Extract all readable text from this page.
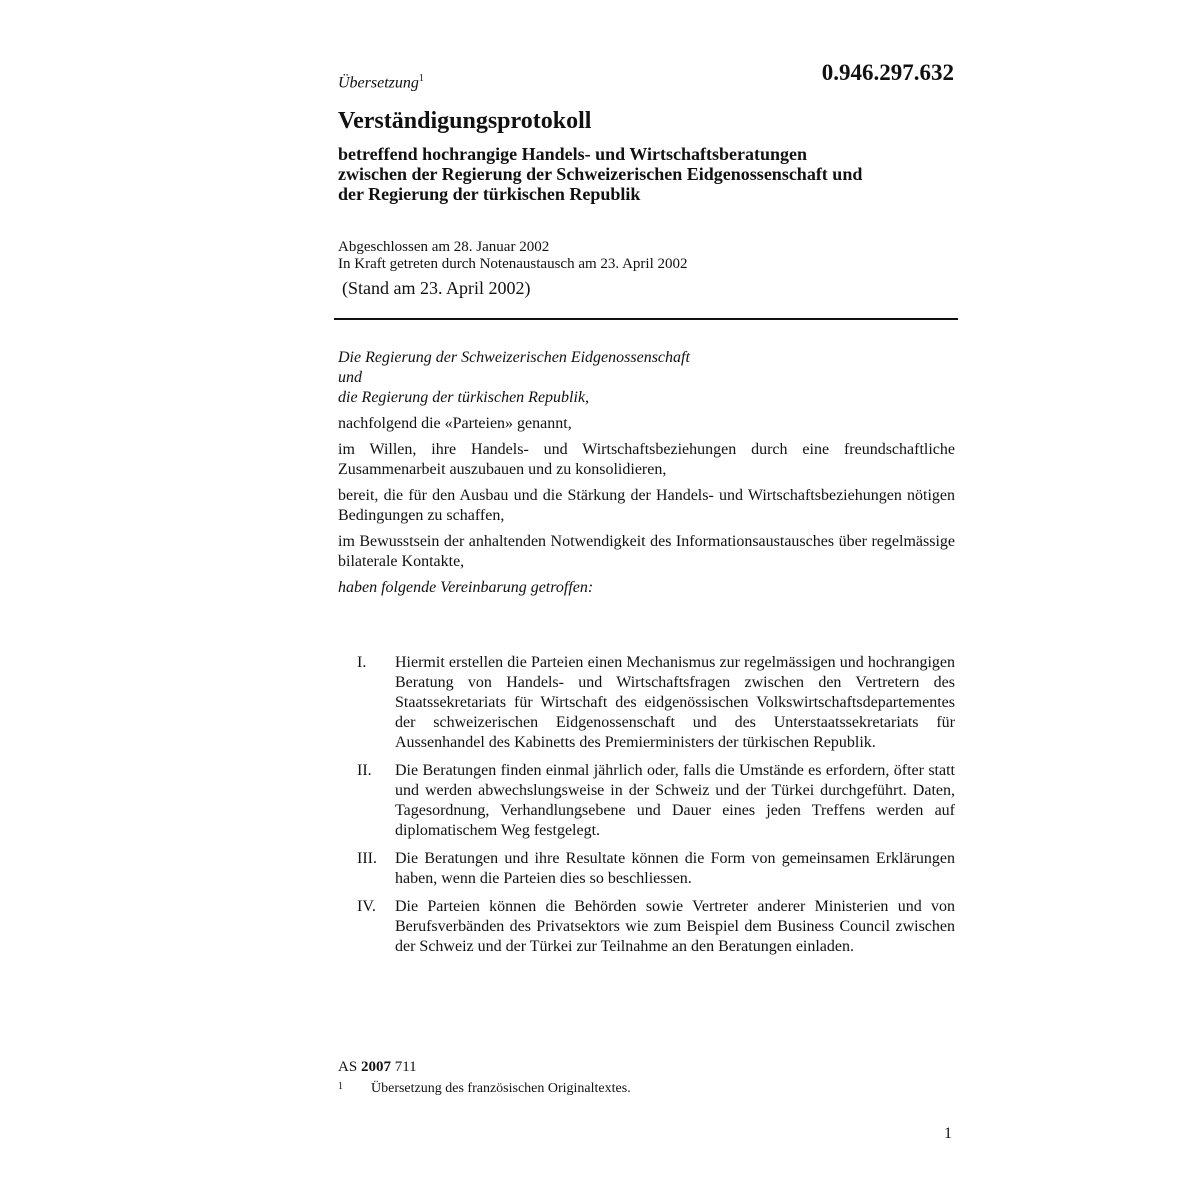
Übersetzung$^1$	0.946.297.632
Verständigungsprotokoll
betreffend hochrangige Handels- und Wirtschaftsberatungen
zwischen der Regierung der Schweizerischen Eidgenossenschaft und
der Regierung der türkischen Republik
Abgeschlossen am 28. Januar 2002
In Kraft getreten durch Notenaustausch am 23. April 2002
(Stand am 23. April 2002)

Die Regierung der Schweizerischen Eidgenossenschaft

und

die Regierung der türkischen Republik,

nachfolgend die «Parteien» genannt,

im Willen, ihre Handels- und Wirtschaftsbeziehungen durch eine freundschaftliche Zusammenarbeit auszubauen und zu konsolidieren,

bereit, die für den Ausbau und die Stärkung der Handels- und Wirtschaftsbeziehungen nötigen Bedingungen zu schaffen,

im Bewusstsein der anhaltenden Notwendigkeit des Informationsaustausches über regelmässige bilaterale Kontakte,

haben folgende Vereinbarung getroffen:

I.	Hiermit erstellen die Parteien einen Mechanismus zur regelmässigen und hochrangigen Beratung von Handels- und Wirtschaftsfragen zwischen den Vertretern des Staatssekretariats für Wirtschaft des eidgenössischen Volkswirtschaftsdepartementes der schweizerischen Eidgenossenschaft und des Unterstaatssekretariats für Aussenhandel des Kabinetts des Premierministers der türkischen Republik.
II.	Die Beratungen finden einmal jährlich oder, falls die Umstände es erfordern, öfter statt und werden abwechslungsweise in der Schweiz und der Türkei durchgeführt. Daten, Tagesordnung, Verhandlungsebene und Dauer eines jeden Treffens werden auf diplomatischem Weg festgelegt.
III.	Die Beratungen und ihre Resultate können die Form von gemeinsamen Erklärungen haben, wenn die Parteien dies so beschliessen.
IV.	Die Parteien können die Behörden sowie Vertreter anderer Ministerien und von Berufsverbänden des Privatsektors wie zum Beispiel dem Business Council zwischen der Schweiz und der Türkei zur Teilnahme an den Beratungen einladen.
AS 2007 711
1	Übersetzung des französischen Originaltextes.
1
